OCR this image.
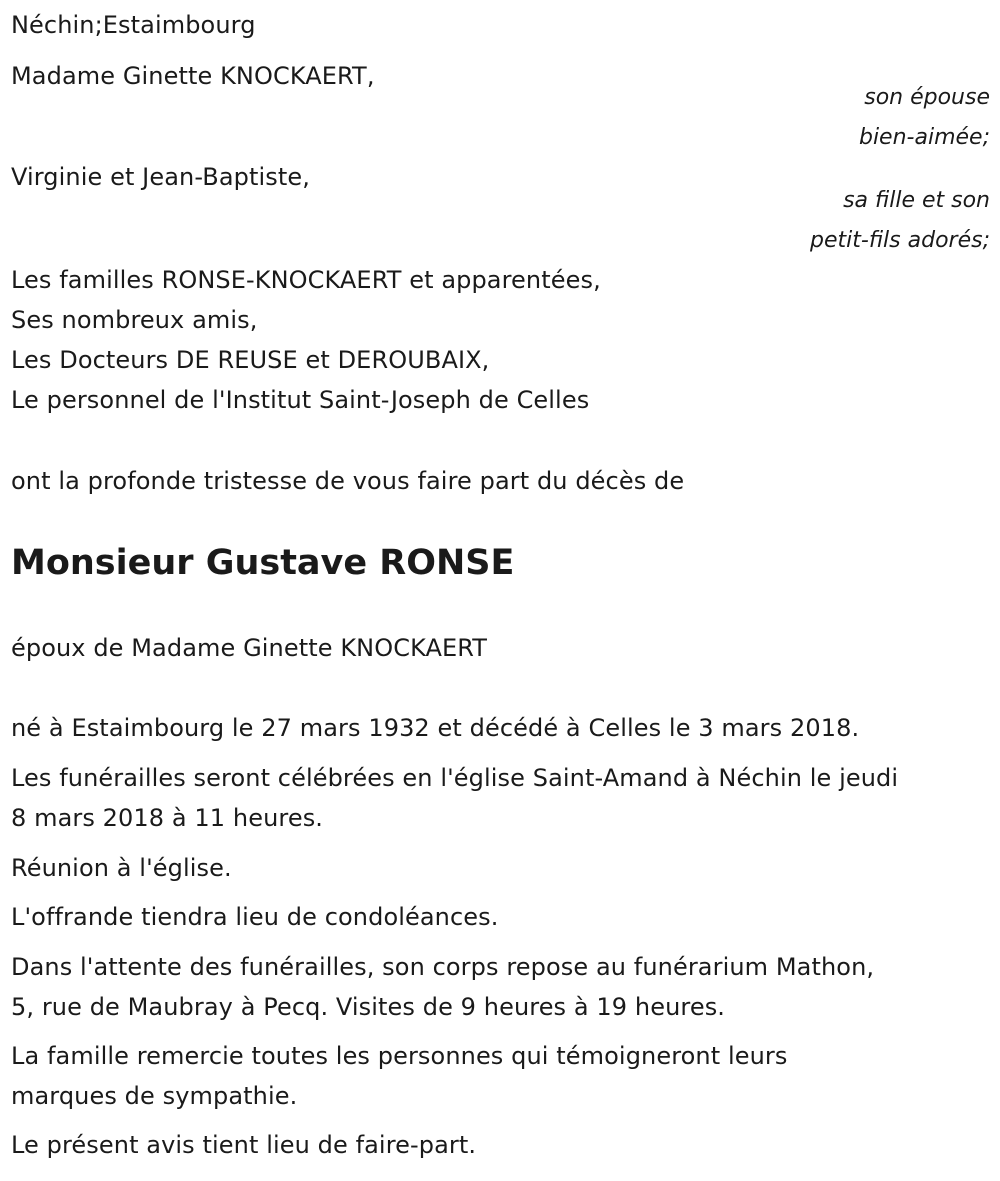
Néchin;Estaimbourg
Madame Ginette KNOCKAERT,
son épouse
bien-aimée;
Virginie et Jean-Baptiste,
sa fille et son
petit-fils adorés;
Les familles RONSE-KNOCKAERT et apparentées,
Ses nombreux amis,
Les Docteurs DE REUSE et DEROUBAIX,
Le personnel de l'Institut Saint-Joseph de Celles
ont la profonde tristesse de vous faire part du décès de
Monsieur Gustave RONSE
époux de Madame Ginette KNOCKAERT
né à Estaimbourg le 27 mars 1932 et décédé à Celles le 3 mars 2018.
Les funérailles seront célébrées en l'église Saint-Amand à Néchin le jeudi
8 mars 2018 à 11 heures.
Réunion à l'église.
L'offrande tiendra lieu de condoléances.
Dans l'attente des funérailles, son corps repose au funérarium Mathon,
5, rue de Maubray à Pecq. Visites de 9 heures à 19 heures.
La famille remercie toutes les personnes qui témoigneront leurs
marques de sympathie.
Le présent avis tient lieu de faire-part.
